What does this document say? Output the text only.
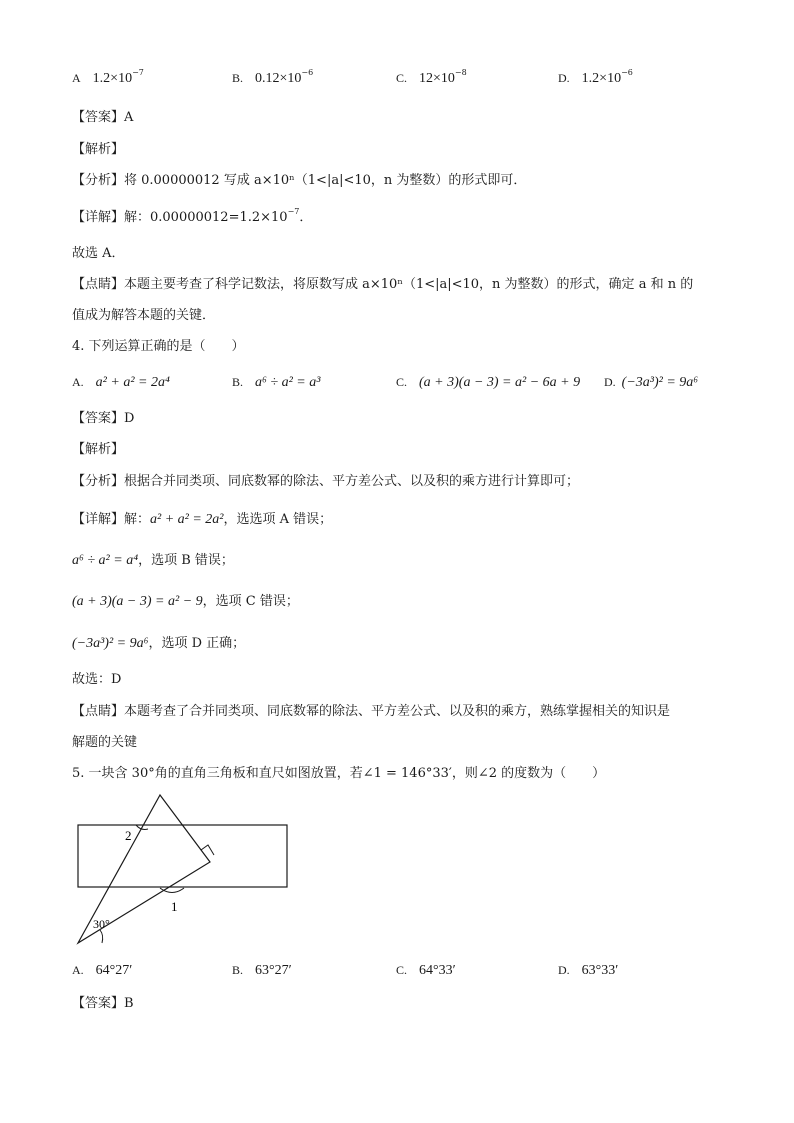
A $1.2\times 10^{-7}$	B. $0.12\times 10^{-6}$	C. $12\times 10^{-8}$	D. $1.2\times 10^{-6}$
【答案】A
【解析】
【分析】将 0.00000012 写成 a×10ⁿ（1<|a|<10，n 为整数）的形式即可．
【详解】解：$0.00000012=1.2\times 10^{-7}$．
故选 A．
【点睛】本题主要考查了科学记数法，将原数写成 a×10ⁿ（1<|a|<10，n 为整数）的形式，确定 a 和 n 的
值成为解答本题的关键．
4. 下列运算正确的是（　　）
A. a² + a² = 2a⁴	B. a⁶ ÷ a² = a³	C. (a + 3)(a − 3) = a² − 6a + 9 D. (−3a³)² = 9a⁶
【答案】D
【解析】
【分析】根据合并同类项、同底数幂的除法、平方差公式、以及积的乘方进行计算即可；
【详解】解：a² + a² = 2a²，选选项 A 错误；
a⁶ ÷ a² = a⁴，选项 B 错误；
(a + 3)(a − 3) = a² − 9，选项 C 错误；
(−3a³)² = 9a⁶，选项 D 正确；
故选：D
【点睛】本题考查了合并同类项、同底数幂的除法、平方差公式、以及积的乘方，熟练掌握相关的知识是
解题的关键
5. 一块含 30°角的直角三角板和直尺如图放置，若∠1 = 146°33′，则∠2 的度数为（　　）
2
1
30°
A. 64°27′	B. 63°27′	C. 64°33′	D. 63°33′
【答案】B
